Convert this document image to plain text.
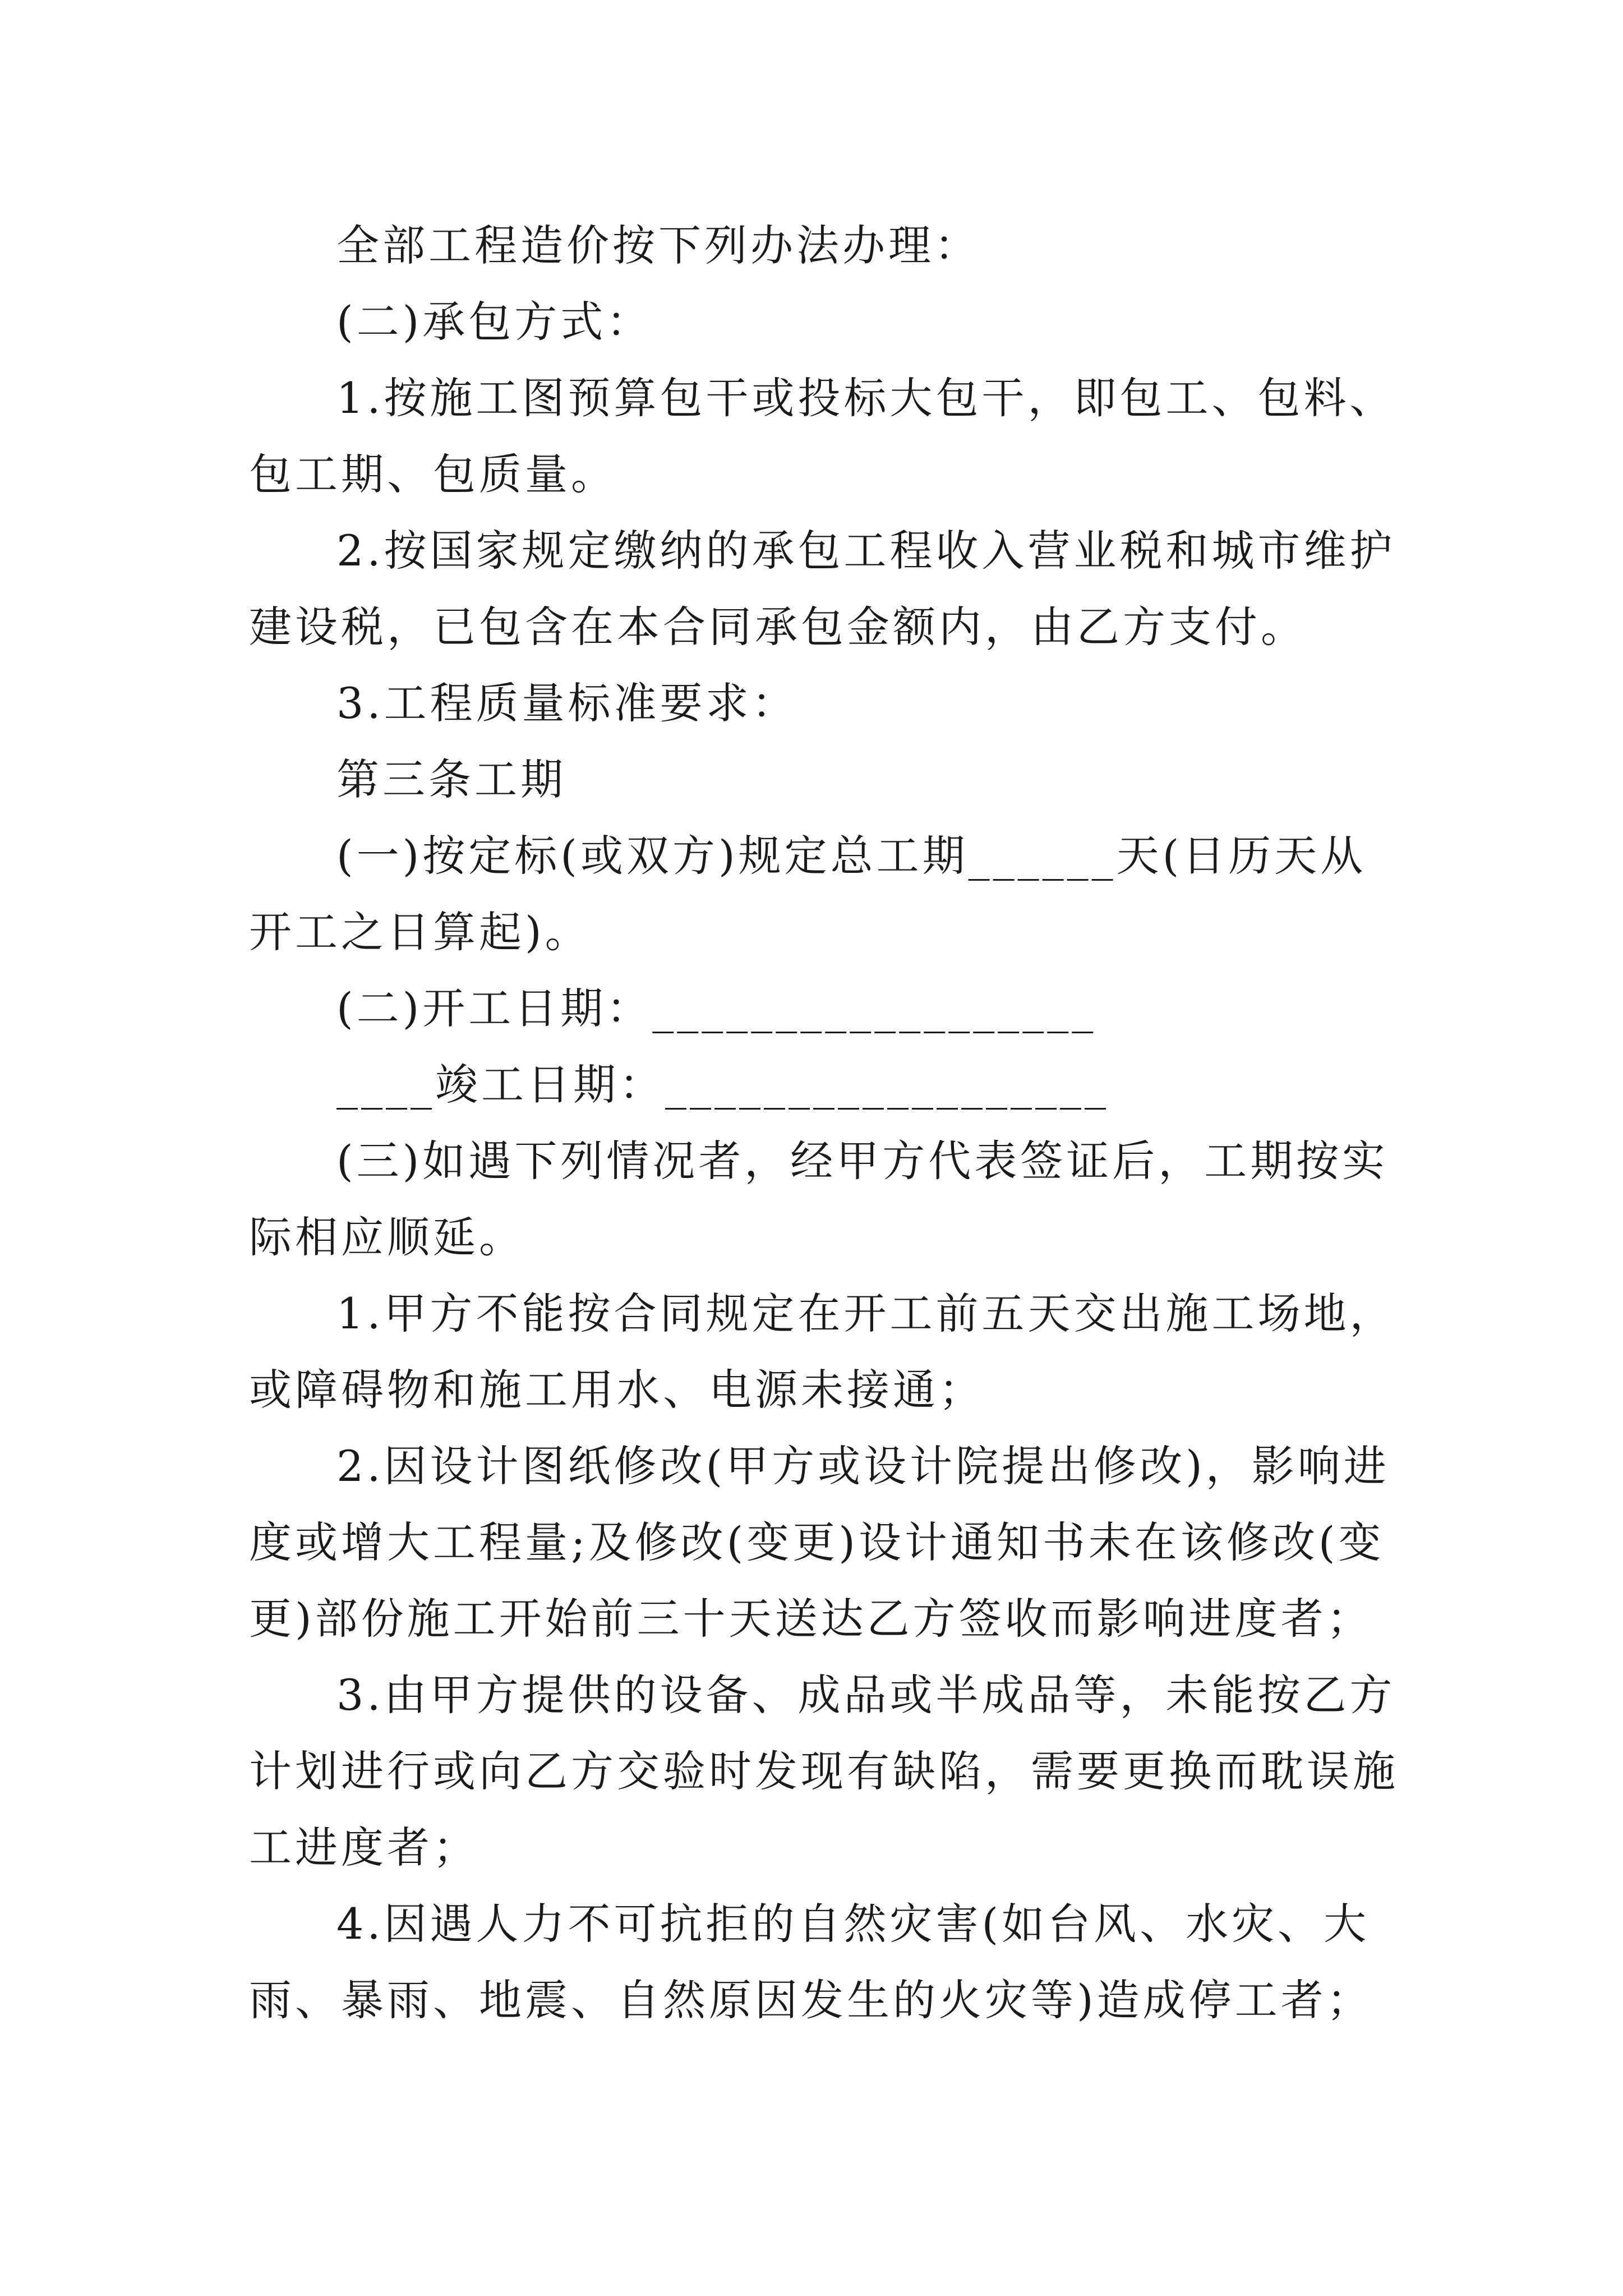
全部工程造价按下列办法办理：

(二)承包方式：

1.按施工图预算包干或投标大包干，即包工、包料、包工期、包质量。

2.按国家规定缴纳的承包工程收入营业税和城市维护建设税，已包含在本合同承包金额内，由乙方支付。

3.工程质量标准要求：

第三条工期

(一)按定标(或双方)规定总工期______天(日历天从开工之日算起)。

(二)开工日期：__________________

____竣工日期：__________________

(三)如遇下列情况者，经甲方代表签证后，工期按实际相应顺延。

1.甲方不能按合同规定在开工前五天交出施工场地，或障碍物和施工用水、电源未接通；

2.因设计图纸修改(甲方或设计院提出修改)，影响进度或增大工程量;及修改(变更)设计通知书未在该修改(变更)部份施工开始前三十天送达乙方签收而影响进度者；

3.由甲方提供的设备、成品或半成品等，未能按乙方计划进行或向乙方交验时发现有缺陷，需要更换而耽误施工进度者；

4.因遇人力不可抗拒的自然灾害(如台风、水灾、大雨、暴雨、地震、自然原因发生的火灾等)造成停工者；
